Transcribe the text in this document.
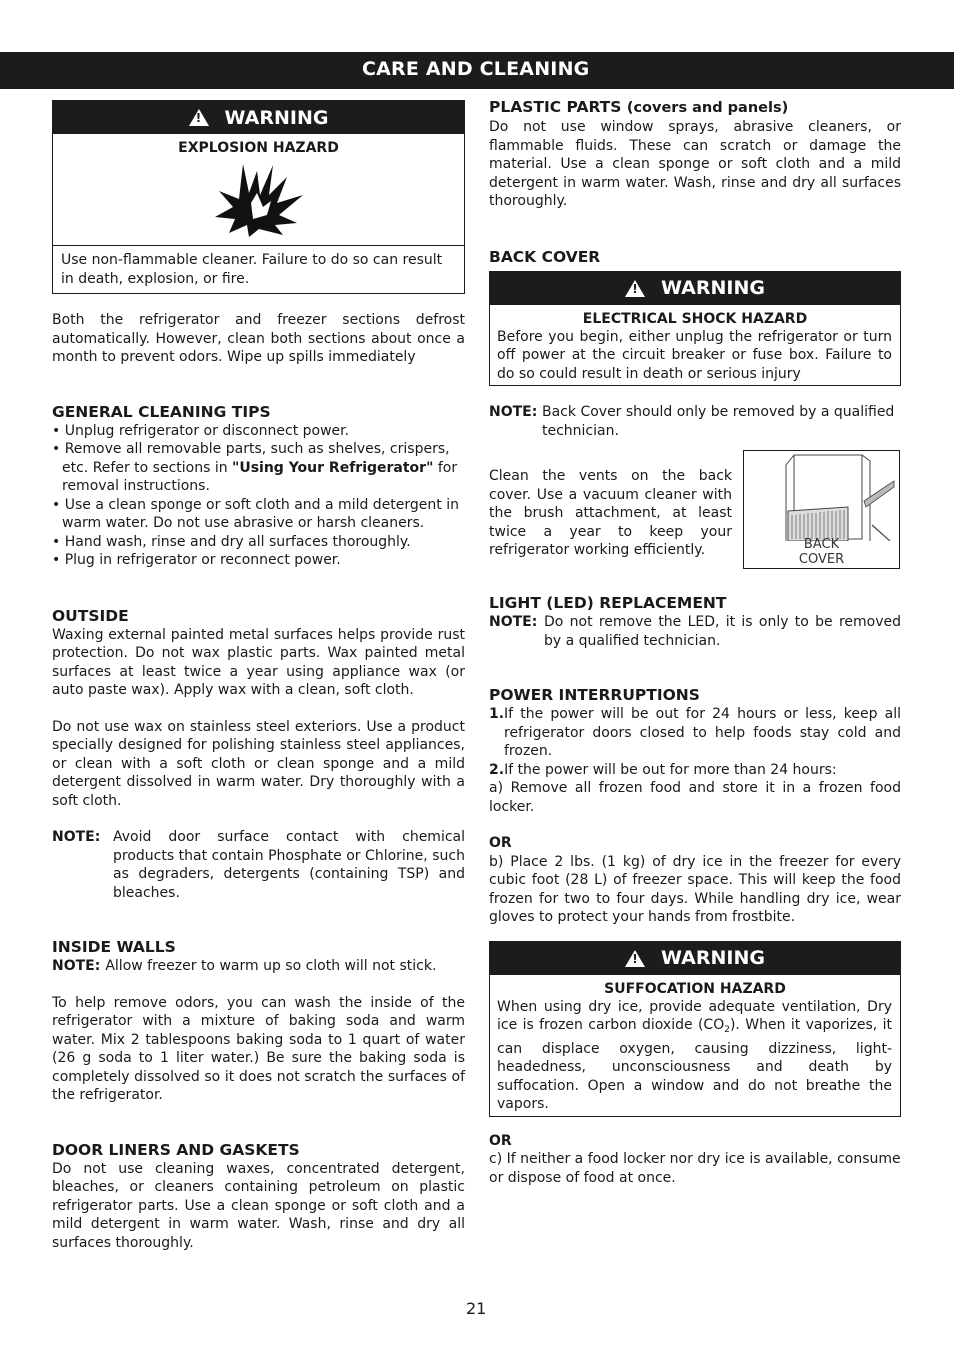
CARE AND CLEANING
! WARNING
EXPLOSION HAZARD

Use non-flammable cleaner. Failure to do so can result in death, explosion, or fire.

Both the refrigerator and freezer sections defrost automatically. However, clean both sections about once a month to prevent odors. Wipe up spills immediately

GENERAL CLEANING TIPS
• Unplug refrigerator or disconnect power.
• Remove all removable parts, such as shelves, crispers, etc. Refer to sections in "Using Your Refrigerator" for removal instructions.
• Use a clean sponge or soft cloth and a mild detergent in warm water. Do not use abrasive or harsh cleaners.
• Hand wash, rinse and dry all surfaces thoroughly.
• Plug in refrigerator or reconnect power.
OUTSIDE

Waxing external painted metal surfaces helps provide rust protection. Do not wax plastic parts. Wax painted metal surfaces at least twice a year using appliance wax (or auto paste wax). Apply wax with a clean, soft cloth.

Do not use wax on stainless steel exteriors. Use a product specially designed for polishing stainless steel appliances, or clean with a soft cloth or clean sponge and a mild detergent dissolved in warm water. Dry thoroughly with a soft cloth.

NOTE: Avoid door surface contact with chemical products that contain Phosphate or Chlorine, such as degraders, detergents (containing TSP) and bleaches.
INSIDE WALLS
NOTE: Allow freezer to warm up so cloth will not stick.

To help remove odors, you can wash the inside of the refrigerator with a mixture of baking soda and warm water. Mix 2 tablespoons baking soda to 1 quart of water (26 g soda to 1 liter water.) Be sure the baking soda is completely dissolved so it does not scratch the surfaces of the refrigerator.

DOOR LINERS AND GASKETS

Do not use cleaning waxes, concentrated detergent, bleaches, or cleaners containing petroleum on plastic refrigerator parts. Use a clean sponge or soft cloth and a mild detergent in warm water. Wash, rinse and dry all surfaces thoroughly.

PLASTIC PARTS (covers and panels)

Do not use window sprays, abrasive cleaners, or flammable fluids. These can scratch or damage the material. Use a clean sponge or soft cloth and a mild detergent in warm water. Wash, rinse and dry all surfaces thoroughly.

BACK COVER
! WARNING
ELECTRICAL SHOCK HAZARD

Before you begin, either unplug the refrigerator or turn off power at the circuit breaker or fuse box. Failure to do so could result in death or serious injury

NOTE: Back Cover should only be removed by a qualified technician.

Clean the vents on the back cover. Use a vacuum cleaner with the brush attachment, at least twice a year to keep your refrigerator working efficiently.	BACK
COVER
LIGHT (LED) REPLACEMENT
NOTE: Do not remove the LED, it is only to be removed by a qualified technician.
POWER INTERRUPTIONS
1. If the power will be out for 24 hours or less, keep all refrigerator doors closed to help foods stay cold and frozen.
2. If the power will be out for more than 24 hours:

a) Remove all frozen food and store it in a frozen food locker.

OR

b) Place 2 lbs. (1 kg) of dry ice in the freezer for every cubic foot (28 L) of freezer space. This will keep the food frozen for two to four days. While handling dry ice, wear gloves to protect your hands from frostbite.

! WARNING
SUFFOCATION HAZARD

When using dry ice, provide adequate ventilation, Dry ice is frozen carbon dioxide $(CO_2)$. When it vaporizes, it can displace oxygen, causing dizziness, light-headedness, unconsciousness and death by suffocation. Open a window and do not breathe the vapors.

OR

c) If neither a food locker nor dry ice is available, consume or dispose of food at once.

21
